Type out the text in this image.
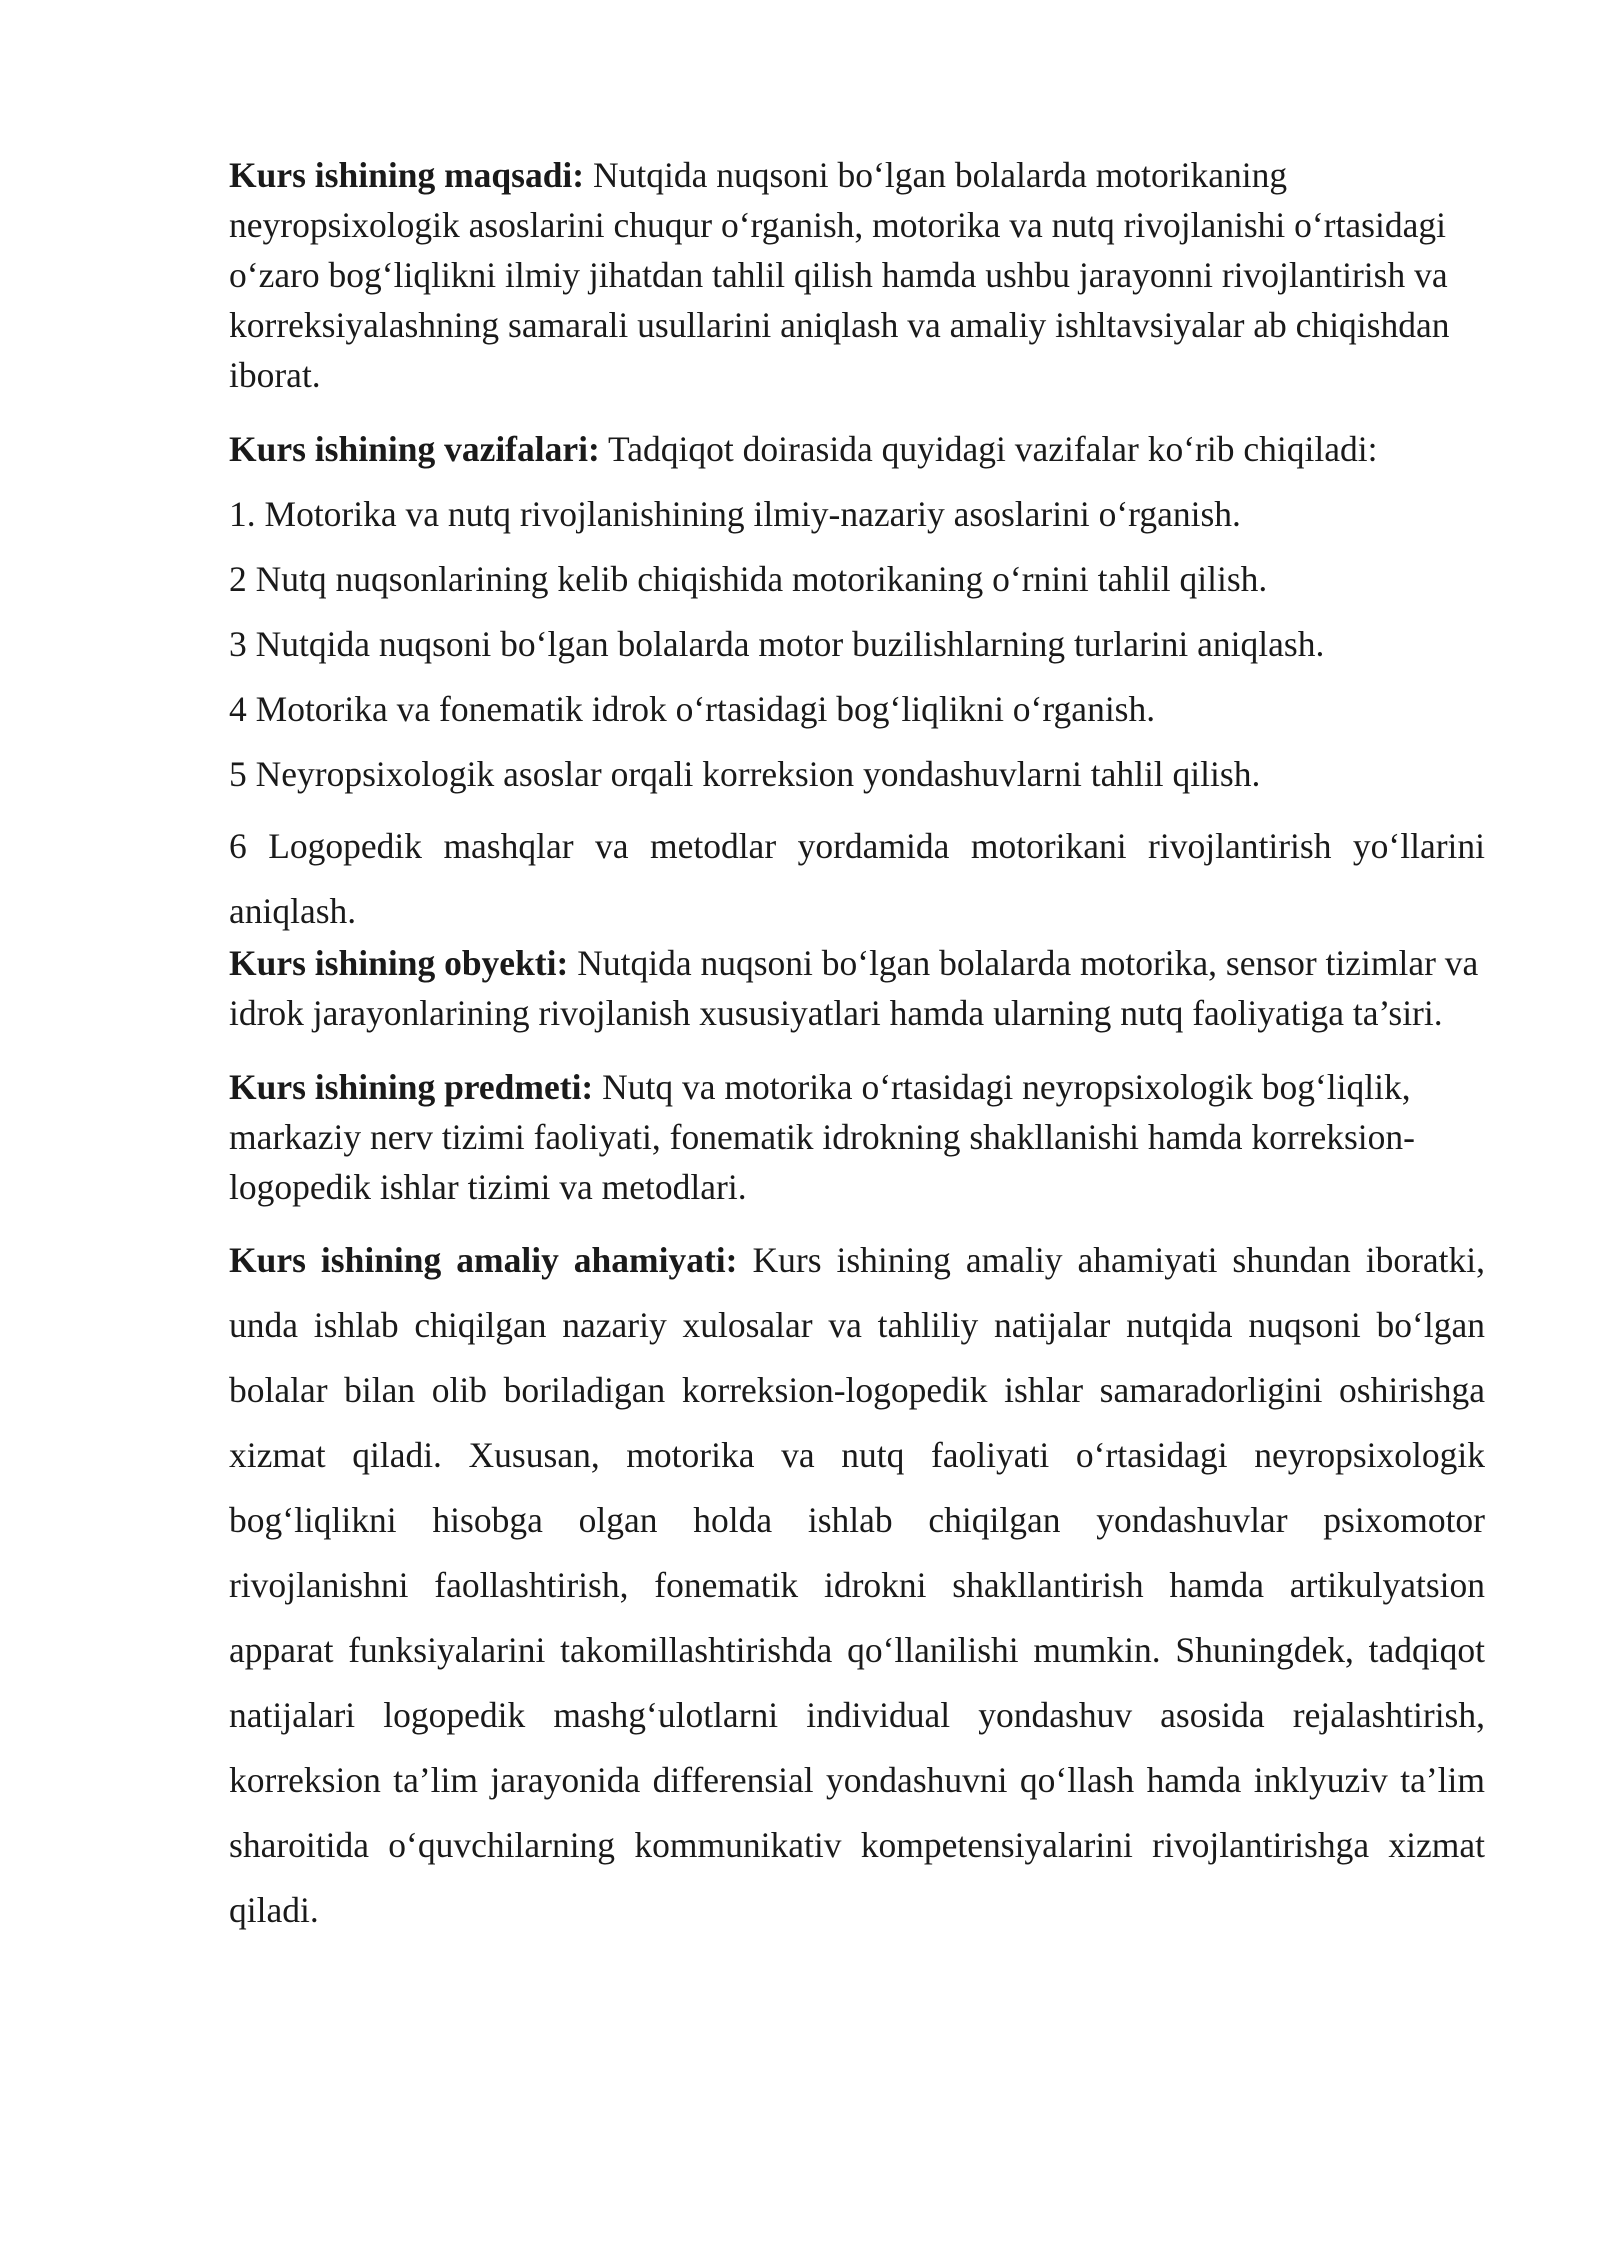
Kurs ishining maqsadi: Nutqida nuqsoni bo‘lgan bolalarda motorikaning neyropsixologik asoslarini chuqur o‘rganish, motorika va nutq rivojlanishi o‘rtasidagi o‘zaro bog‘liqlikni ilmiy jihatdan tahlil qilish hamda ushbu jarayonni rivojlantirish va korreksiyalashning samarali usullarini aniqlash va amaliy ishltavsiyalar ab chiqishdan iborat.

Kurs ishining vazifalari: Tadqiqot doirasida quyidagi vazifalar ko‘rib chiqiladi:

1. Motorika va nutq rivojlanishining ilmiy-nazariy asoslarini o‘rganish.

2 Nutq nuqsonlarining kelib chiqishida motorikaning o‘rnini tahlil qilish.

3 Nutqida nuqsoni bo‘lgan bolalarda motor buzilishlarning turlarini aniqlash.

4 Motorika va fonematik idrok o‘rtasidagi bog‘liqlikni o‘rganish.

5 Neyropsixologik asoslar orqali korreksion yondashuvlarni tahlil qilish.

6 Logopedik mashqlar va metodlar yordamida motorikani rivojlantirish yo‘llarini aniqlash.

Kurs ishining obyekti: Nutqida nuqsoni bo‘lgan bolalarda motorika, sensor tizimlar va idrok jarayonlarining rivojlanish xususiyatlari hamda ularning nutq faoliyatiga ta’siri.

Kurs ishining predmeti: Nutq va motorika o‘rtasidagi neyropsixologik bog‘liqlik, markaziy nerv tizimi faoliyati, fonematik idrokning shakllanishi hamda korreksion-logopedik ishlar tizimi va metodlari.

Kurs ishining amaliy ahamiyati: Kurs ishining amaliy ahamiyati shundan iboratki, unda ishlab chiqilgan nazariy xulosalar va tahliliy natijalar nutqida nuqsoni bo‘lgan bolalar bilan olib boriladigan korreksion-logopedik ishlar samaradorligini oshirishga xizmat qiladi. Xususan, motorika va nutq faoliyati o‘rtasidagi neyropsixologik bog‘liqlikni hisobga olgan holda ishlab chiqilgan yondashuvlar psixomotor rivojlanishni faollashtirish, fonematik idrokni shakllantirish hamda artikulyatsion apparat funksiyalarini takomillashtirishda qo‘llanilishi mumkin. Shuningdek, tadqiqot natijalari logopedik mashg‘ulotlarni individual yondashuv asosida rejalashtirish, korreksion ta’lim jarayonida differensial yondashuvni qo‘llash hamda inklyuziv ta’lim sharoitida o‘quvchilarning kommunikativ kompetensiyalarini rivojlantirishga xizmat qiladi.
